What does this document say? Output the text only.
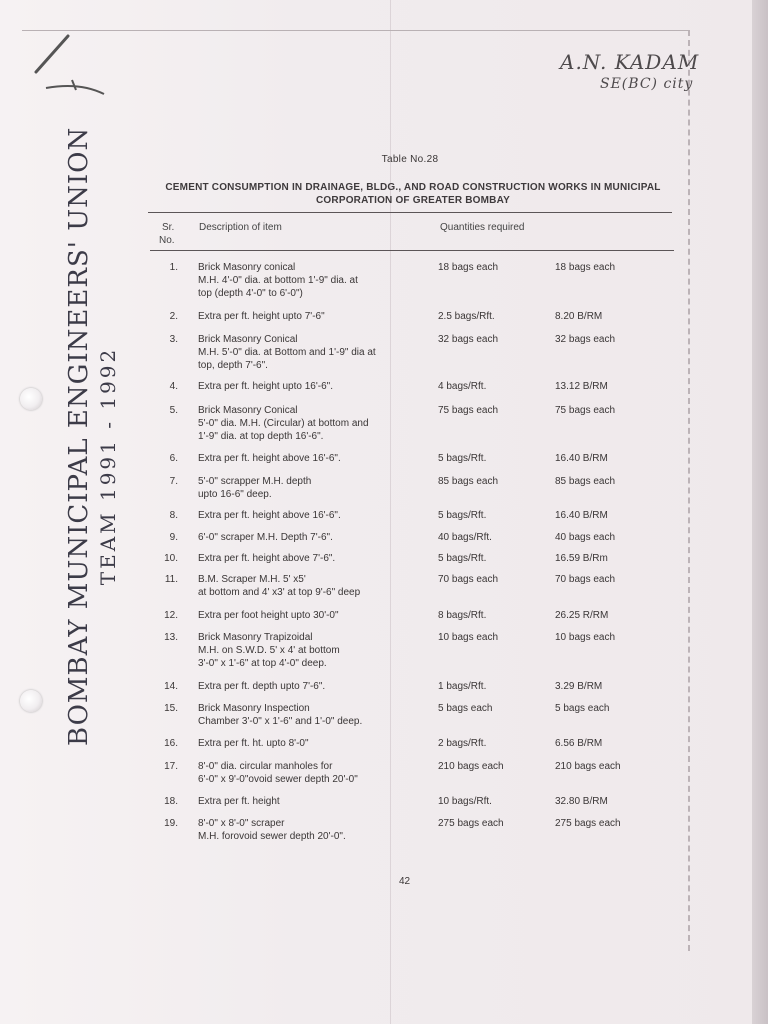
A.N. KADAM
SE(BC) city
BOMBAY MUNICIPAL ENGINEERS' UNION TEAM 1991 - 1992
Table No.28
CEMENT CONSUMPTION IN DRAINAGE, BLDG., AND ROAD CONSTRUCTION WORKS IN MUNICIPAL CORPORATION OF GREATER BOMBAY
Sr.
No.
Description of item	Quantities required
1. Brick Masonry conical
M.H. 4'-0" dia. at bottom 1'-9" dia. at
top (depth 4'-0" to 6'-0")
18 bags each	18 bags each
2. Extra per ft. height upto 7'-6"	2.5 bags/Rft.	8.20 B/RM
3. Brick Masonry Conical
M.H. 5'-0" dia. at Bottom and 1'-9" dia at
top, depth 7'-6".
32 bags each	32 bags each
4. Extra per ft. height upto 16'-6".	4 bags/Rft.	13.12 B/RM
5. Brick Masonry Conical
5'-0" dia. M.H. (Circular) at bottom and
1'-9" dia. at top depth 16'-6".
75 bags each	75 bags each
6. Extra per ft. height above 16'-6".	5 bags/Rft.	16.40 B/RM
7. 5'-0" scrapper M.H. depth
upto 16-6" deep.
85 bags each	85 bags each
8. Extra per ft. height above 16'-6".	5 bags/Rft.	16.40 B/RM
9. 6'-0" scraper M.H. Depth 7'-6".	40 bags/Rft.	40 bags each
10. Extra per ft. height above 7'-6".	5 bags/Rft.	16.59 B/Rm
11. B.M. Scraper M.H. 5' x5'
at bottom and 4' x3' at top 9'-6" deep
70 bags each	70 bags each
12. Extra per foot height upto 30'-0"	8 bags/Rft.	26.25 R/RM
13. Brick Masonry Trapizoidal
M.H. on S.W.D. 5' x 4' at bottom
3'-0" x 1'-6" at top 4'-0" deep.
10 bags each	10 bags each
14. Extra per ft. depth upto 7'-6".	1 bags/Rft.	3.29 B/RM
15. Brick Masonry Inspection
Chamber 3'-0" x 1'-6" and 1'-0" deep.
5 bags each	5 bags each
16. Extra per ft. ht. upto 8'-0"	2 bags/Rft.	6.56 B/RM
17. 8'-0" dia. circular manholes for
6'-0" x 9'-0"ovoid sewer depth 20'-0"
210 bags each	210 bags each
18. Extra per ft. height	10 bags/Rft.	32.80 B/RM
19. 8'-0" x 8'-0" scraper
M.H. forovoid sewer depth 20'-0".
275 bags each	275 bags each
42
